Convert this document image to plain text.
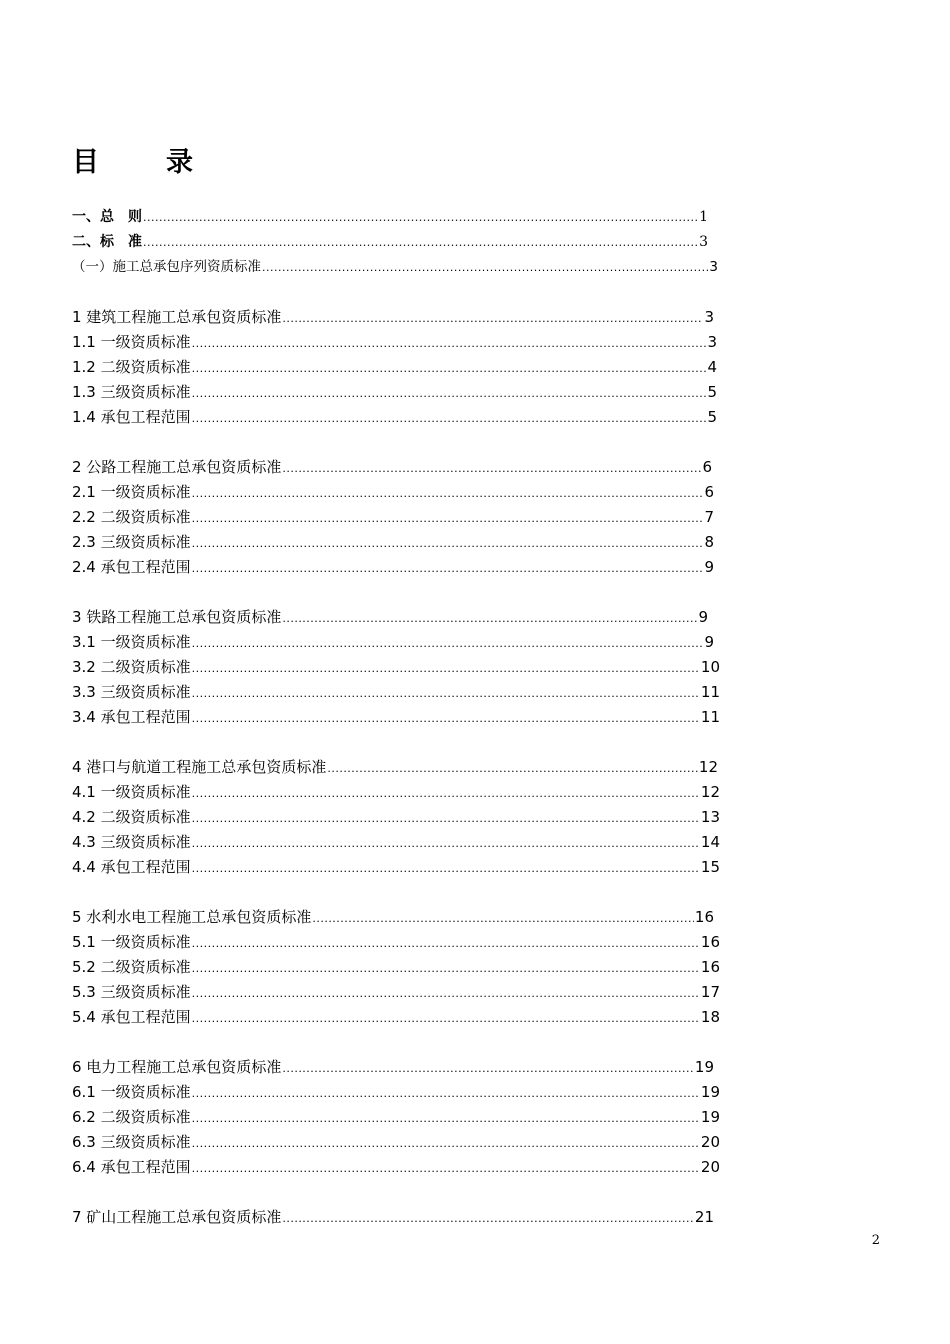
目　录
一、总　则 .....	1
二、标　准 .....	3
（一）施工总承包序列资质标准 .....	3
1 建筑工程施工总承包资质标准 .....	3
1.1 一级资质标准 .....	3
1.2 二级资质标准 .....	4
1.3 三级资质标准 .....	5
1.4 承包工程范围 .....	5
2 公路工程施工总承包资质标准 .....	6
2.1 一级资质标准 .....	6
2.2 二级资质标准 .....	7
2.3 三级资质标准 .....	8
2.4 承包工程范围 .....	9
3 铁路工程施工总承包资质标准 .....	9
3.1 一级资质标准 .....	9
3.2 二级资质标准 .....	10
3.3 三级资质标准 .....	11
3.4 承包工程范围 .....	11
4 港口与航道工程施工总承包资质标准 .....	12
4.1 一级资质标准 .....	12
4.2 二级资质标准 .....	13
4.3 三级资质标准 .....	14
4.4 承包工程范围 .....	15
5 水利水电工程施工总承包资质标准 .....	16
5.1 一级资质标准 .....	16
5.2 二级资质标准 .....	16
5.3 三级资质标准 .....	17
5.4 承包工程范围 .....	18
6 电力工程施工总承包资质标准 .....	19
6.1 一级资质标准 .....	19
6.2 二级资质标准 .....	19
6.3 三级资质标准 .....	20
6.4 承包工程范围 .....	20
7 矿山工程施工总承包资质标准 .....	21
2
